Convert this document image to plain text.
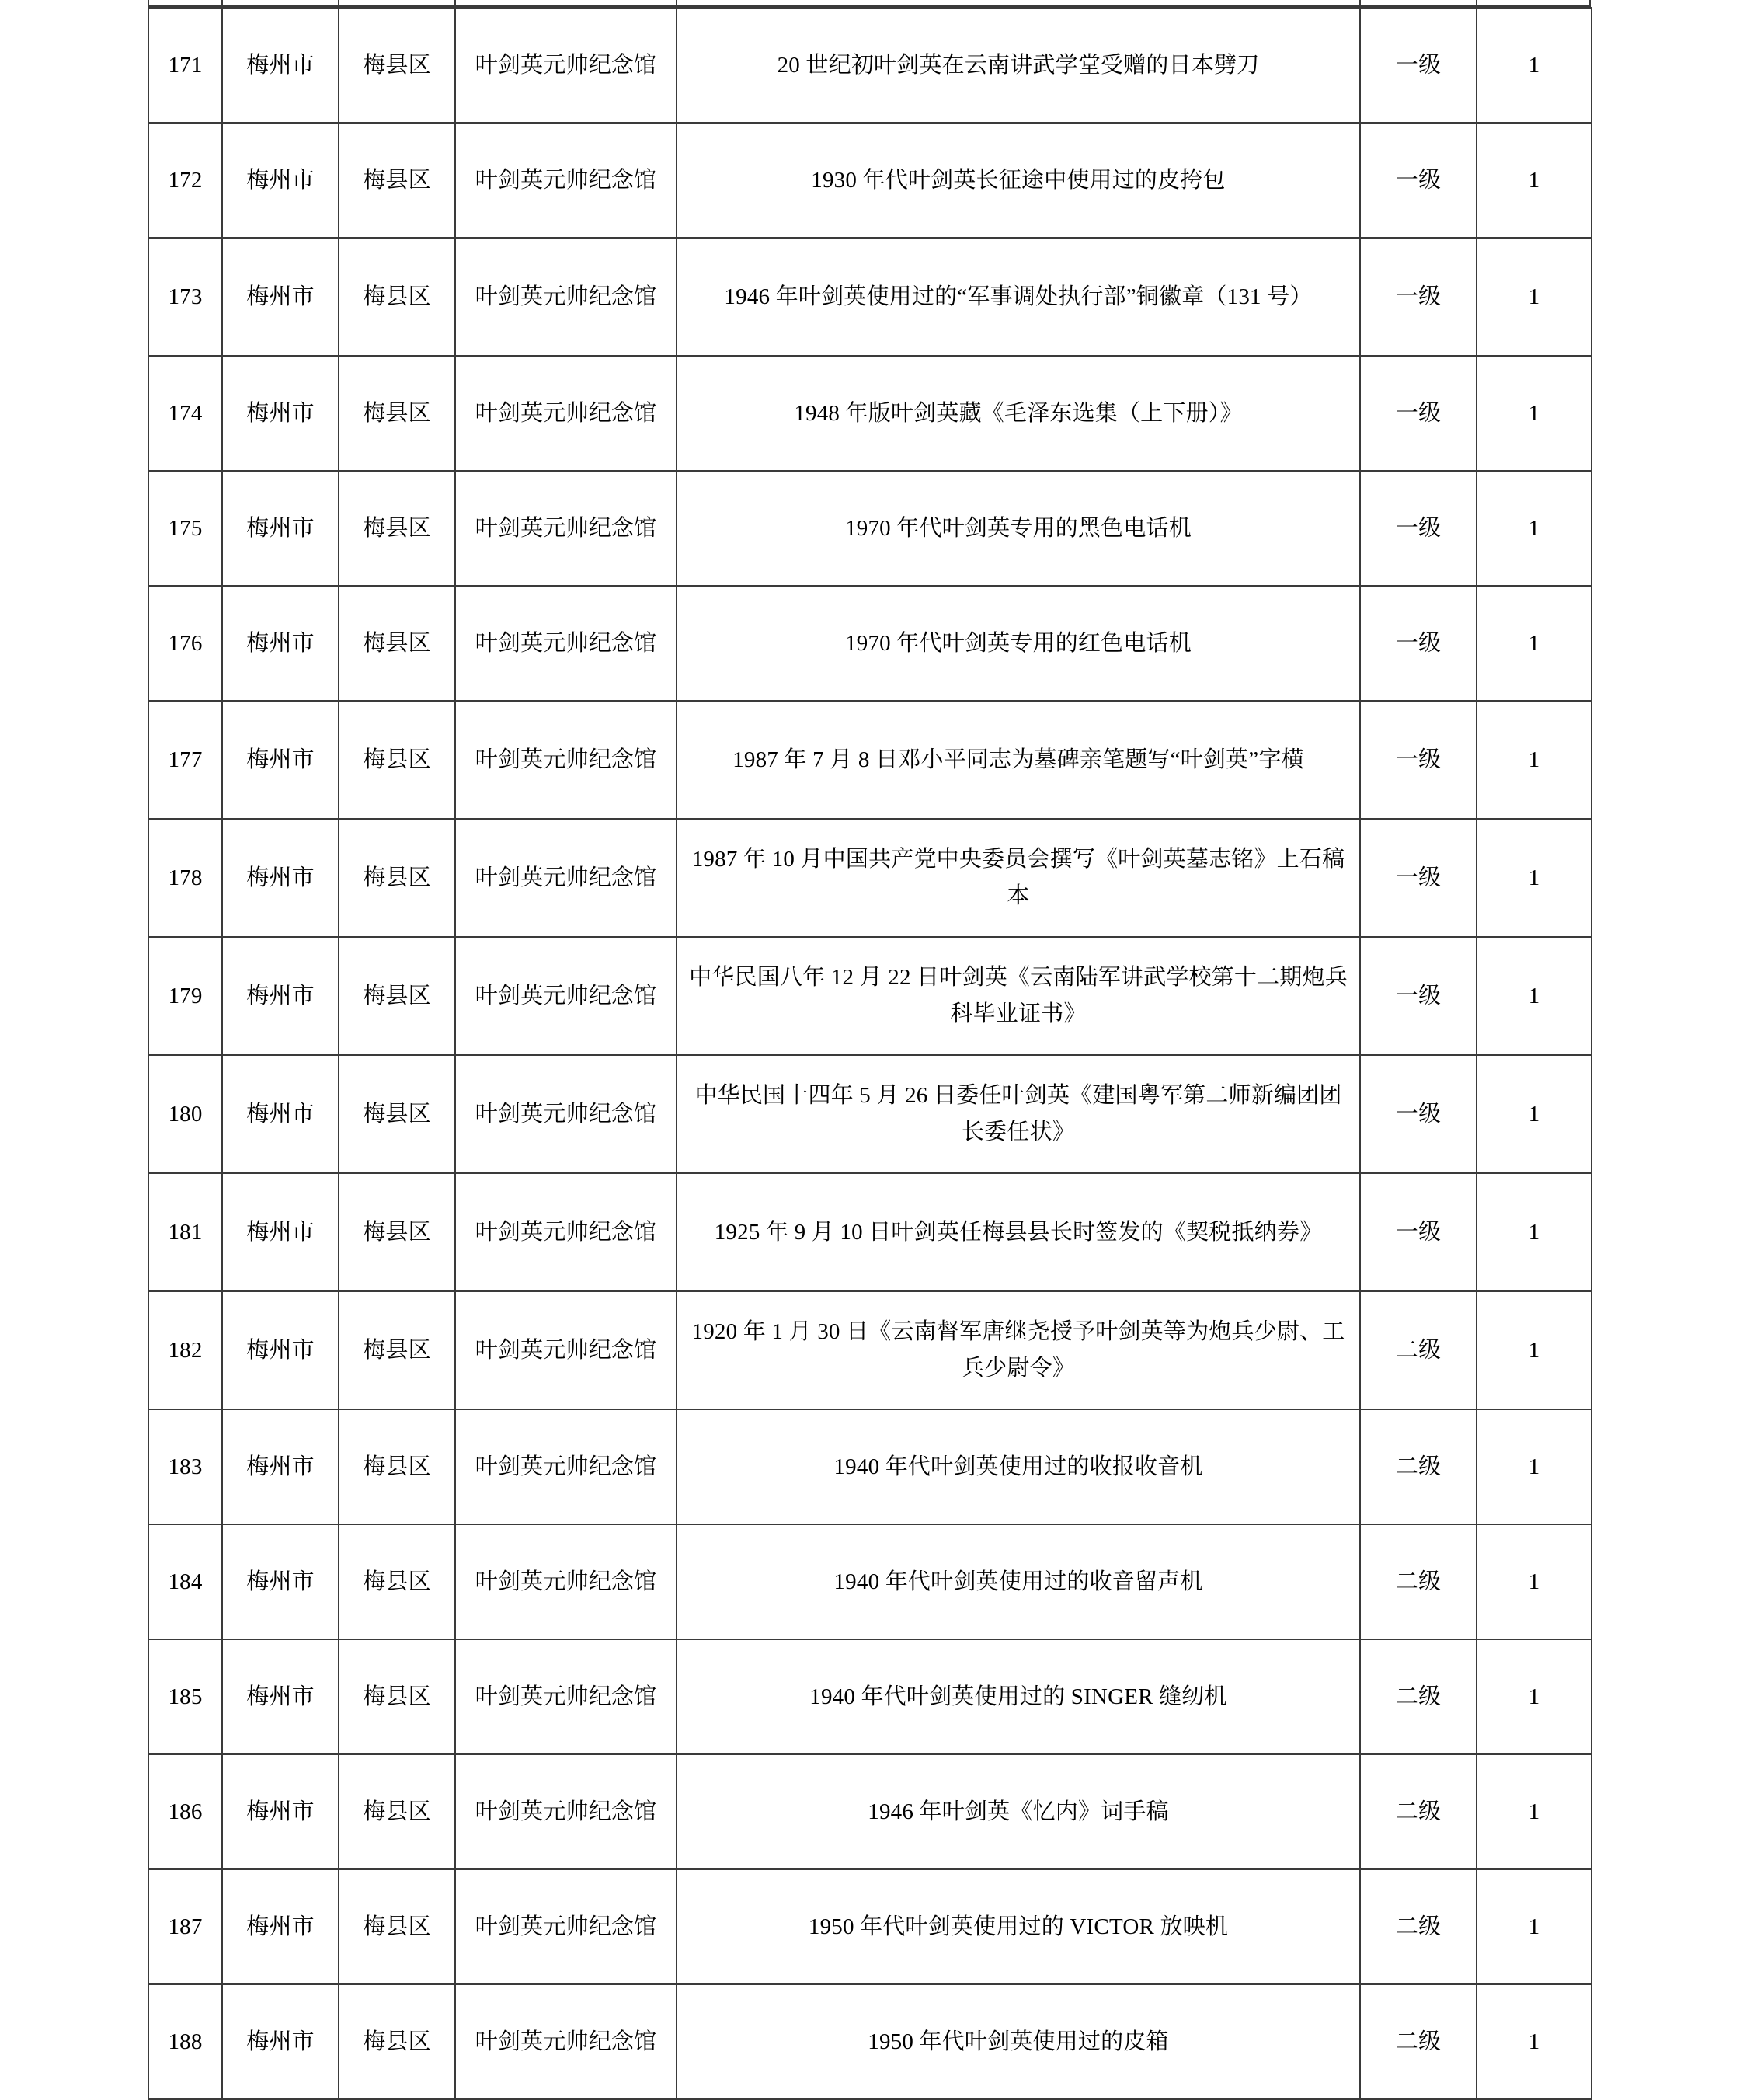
171	梅州市	梅县区	叶剑英元帅纪念馆	20 世纪初叶剑英在云南讲武学堂受赠的日本劈刀	一级	1
172	梅州市	梅县区	叶剑英元帅纪念馆	1930 年代叶剑英长征途中使用过的皮挎包	一级	1
173	梅州市	梅县区	叶剑英元帅纪念馆	1946 年叶剑英使用过的“军事调处执行部”铜徽章（131 号）	一级	1
174	梅州市	梅县区	叶剑英元帅纪念馆	1948 年版叶剑英藏《毛泽东选集（上下册）》	一级	1
175	梅州市	梅县区	叶剑英元帅纪念馆	1970 年代叶剑英专用的黑色电话机	一级	1
176	梅州市	梅县区	叶剑英元帅纪念馆	1970 年代叶剑英专用的红色电话机	一级	1
177	梅州市	梅县区	叶剑英元帅纪念馆	1987 年 7 月 8 日邓小平同志为墓碑亲笔题写“叶剑英”字横	一级	1
178	梅州市	梅县区	叶剑英元帅纪念馆	1987 年 10 月中国共产党中央委员会撰写《叶剑英墓志铭》上石稿本	一级	1
179	梅州市	梅县区	叶剑英元帅纪念馆	中华民国八年 12 月 22 日叶剑英《云南陆军讲武学校第十二期炮兵科毕业证书》	一级	1
180	梅州市	梅县区	叶剑英元帅纪念馆	中华民国十四年 5 月 26 日委任叶剑英《建国粤军第二师新编团团长委任状》	一级	1
181	梅州市	梅县区	叶剑英元帅纪念馆	1925 年 9 月 10 日叶剑英任梅县县长时签发的《契税抵纳券》	一级	1
182	梅州市	梅县区	叶剑英元帅纪念馆	1920 年 1 月 30 日《云南督军唐继尧授予叶剑英等为炮兵少尉、工兵少尉令》	二级	1
183	梅州市	梅县区	叶剑英元帅纪念馆	1940 年代叶剑英使用过的收报收音机	二级	1
184	梅州市	梅县区	叶剑英元帅纪念馆	1940 年代叶剑英使用过的收音留声机	二级	1
185	梅州市	梅县区	叶剑英元帅纪念馆	1940 年代叶剑英使用过的 SINGER 缝纫机	二级	1
186	梅州市	梅县区	叶剑英元帅纪念馆	1946 年叶剑英《忆内》词手稿	二级	1
187	梅州市	梅县区	叶剑英元帅纪念馆	1950 年代叶剑英使用过的 VICTOR 放映机	二级	1
188	梅州市	梅县区	叶剑英元帅纪念馆	1950 年代叶剑英使用过的皮箱	二级	1
